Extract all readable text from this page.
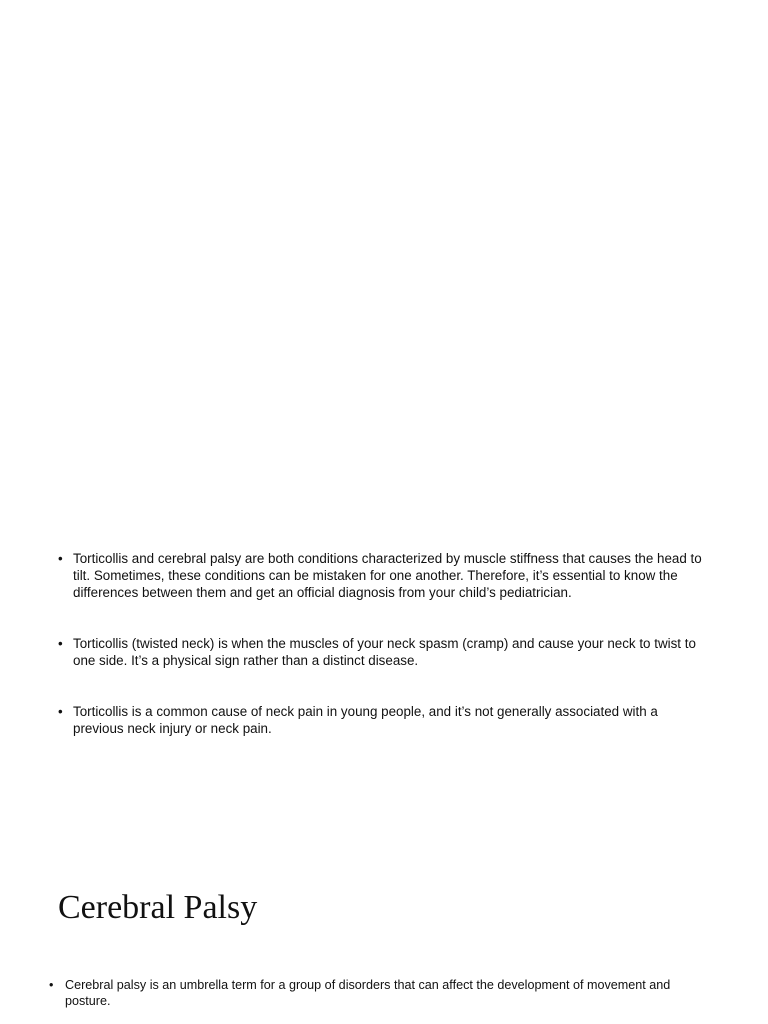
• Torticollis and cerebral palsy are both conditions characterized by muscle stiffness that causes the head to tilt. Sometimes, these conditions can be mistaken for one another. Therefore, it’s essential to know the differences between them and get an official diagnosis from your child’s pediatrician.
• Torticollis (twisted neck) is when the muscles of your neck spasm (cramp) and cause your neck to twist to one side. It’s a physical sign rather than a distinct disease.
• Torticollis is a common cause of neck pain in young people, and it’s not generally associated with a previous neck injury or neck pain.
Cerebral Palsy
• Cerebral palsy is an umbrella term for a group of disorders that can affect the development of movement and posture.
